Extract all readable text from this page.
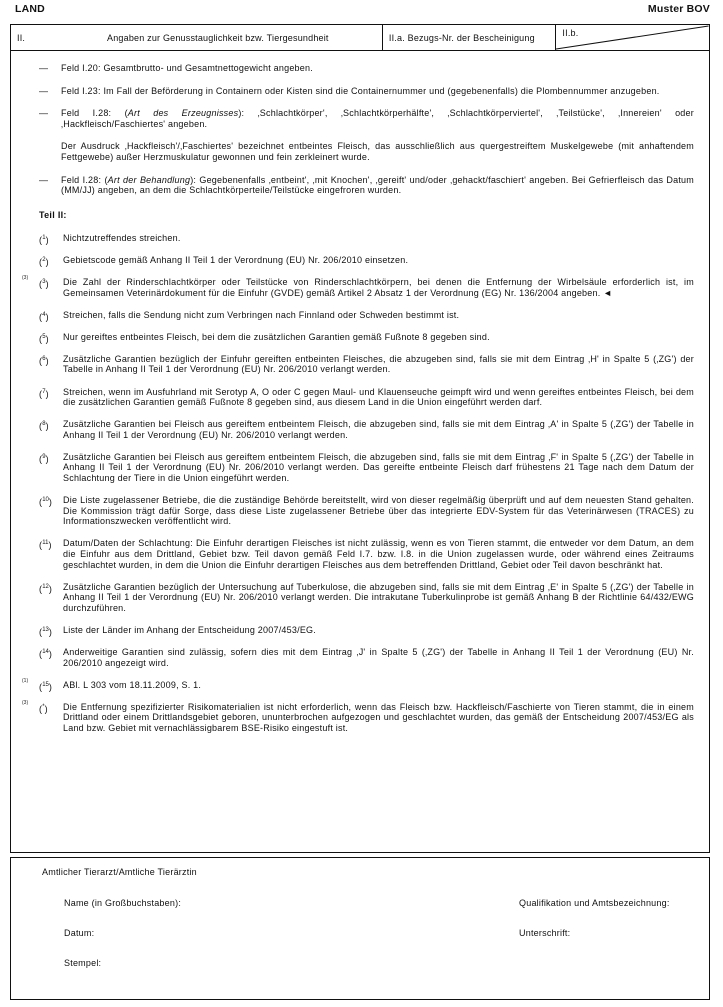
LAND	Muster BOV
II.	Angaben zur Genusstauglichkeit bzw. Tiergesundheit	II.a. Bezugs-Nr. der Bescheinigung	II.b.
— Feld I.20: Gesamtbrutto- und Gesamtnettogewicht angeben.
— Feld I.23: Im Fall der Beförderung in Containern oder Kisten sind die Containernummer und (gegebenenfalls) die Plombennummer anzugeben.
— Feld I.28: (Art des Erzeugnisses): ‚Schlachtkörper', ‚Schlachtkörperhälfte', ‚Schlachtkörperviertel', ‚Teilstücke', ‚Innereien' oder ‚Hackfleisch/Faschiertes' angeben.
Der Ausdruck ‚Hackfleisch'/‚Faschiertes' bezeichnet entbeintes Fleisch, das ausschließlich aus quergestreiftem Muskelgewebe (mit anhaftendem Fettgewebe) außer Herzmuskulatur gewonnen und fein zerkleinert wurde.
— Feld I.28: (Art der Behandlung): Gegebenenfalls ‚entbeint', ‚mit Knochen', ‚gereift' und/oder ‚gehackt/faschiert' angeben. Bei Gefrierfleisch das Datum (MM/JJ) angeben, an dem die Schlachtkörperteile/Teilstücke eingefroren wurden.
Teil II:
($^1$) Nichtzutreffendes streichen.
($^2$) Gebietscode gemäß Anhang II Teil 1 der Verordnung (EU) Nr. 206/2010 einsetzen.
(3)
($^3$) Die Zahl der Rinderschlachtkörper oder Teilstücke von Rinderschlachtkörpern, bei denen die Entfernung der Wirbelsäule erforderlich ist, im Gemeinsamen Veterinärdokument für die Einfuhr (GVDE) gemäß Artikel 2 Absatz 1 der Verordnung (EG) Nr. 136/2004 angeben. ◄
($^4$) Streichen, falls die Sendung nicht zum Verbringen nach Finnland oder Schweden bestimmt ist.
($^5$) Nur gereiftes entbeintes Fleisch, bei dem die zusätzlichen Garantien gemäß Fußnote 8 gegeben sind.
($^6$) Zusätzliche Garantien bezüglich der Einfuhr gereiften entbeinten Fleisches, die abzugeben sind, falls sie mit dem Eintrag ‚H' in Spalte 5 (‚ZG') der Tabelle in Anhang II Teil 1 der Verordnung (EU) Nr. 206/2010 verlangt werden.
($^7$) Streichen, wenn im Ausfuhrland mit Serotyp A, O oder C gegen Maul- und Klauenseuche geimpft wird und wenn gereiftes entbeintes Fleisch, bei dem die zusätzlichen Garantien gemäß Fußnote 8 gegeben sind, aus diesem Land in die Union eingeführt werden darf.
($^8$) Zusätzliche Garantien bei Fleisch aus gereiftem entbeintem Fleisch, die abzugeben sind, falls sie mit dem Eintrag ‚A' in Spalte 5 (‚ZG') der Tabelle in Anhang II Teil 1 der Verordnung (EU) Nr. 206/2010 verlangt werden.
($^9$) Zusätzliche Garantien bei Fleisch aus gereiftem entbeintem Fleisch, die abzugeben sind, falls sie mit dem Eintrag ‚F' in Spalte 5 (‚ZG') der Tabelle in Anhang II Teil 1 der Verordnung (EU) Nr. 206/2010 verlangt werden. Das gereifte entbeinte Fleisch darf frühestens 21 Tage nach dem Datum der Schlachtung der Tiere in die Union eingeführt werden.
($^{10}$) Die Liste zugelassener Betriebe, die die zuständige Behörde bereitstellt, wird von dieser regelmäßig überprüft und auf dem neuesten Stand gehalten. Die Kommission trägt dafür Sorge, dass diese Liste zugelassener Betriebe über das integrierte EDV-System für das Veterinärwesen (TRACES) zu Informationszwecken veröffentlicht wird.
($^{11}$) Datum/Daten der Schlachtung: Die Einfuhr derartigen Fleisches ist nicht zulässig, wenn es von Tieren stammt, die entweder vor dem Datum, an dem die Einfuhr aus dem Drittland, Gebiet bzw. Teil davon gemäß Feld I.7. bzw. I.8. in die Union zugelassen wurde, oder während eines Zeitraums geschlachtet wurden, in dem die Union die Einfuhr derartigen Fleisches aus dem betreffenden Drittland, Gebiet oder Teil davon beschränkt hat.
($^{12}$) Zusätzliche Garantien bezüglich der Untersuchung auf Tuberkulose, die abzugeben sind, falls sie mit dem Eintrag ‚E' in Spalte 5 (‚ZG') der Tabelle in Anhang II Teil 1 der Verordnung (EU) Nr. 206/2010 verlangt werden. Die intrakutane Tuberkulinprobe ist gemäß Anhang B der Richtlinie 64/432/EWG durchzuführen.
($^{13}$) Liste der Länder im Anhang der Entscheidung 2007/453/EG.
($^{14}$) Anderweitige Garantien sind zulässig, sofern dies mit dem Eintrag ‚J' in Spalte 5 (‚ZG') der Tabelle in Anhang II Teil 1 der Verordnung (EU) Nr. 206/2010 angezeigt wird.
(1)
($^{15}$) ABl. L 303 vom 18.11.2009, S. 1.
(3)
(*) Die Entfernung spezifizierter Risikomaterialien ist nicht erforderlich, wenn das Fleisch bzw. Hackfleisch/Faschierte von Tieren stammt, die in einem Drittland oder einem Drittlandsgebiet geboren, ununterbrochen aufgezogen und geschlachtet wurden, das gemäß der Entscheidung 2007/453/EG als Land bzw. Gebiet mit vernachlässigbarem BSE-Risiko eingestuft ist.
Amtlicher Tierarzt/Amtliche Tierärztin
Name (in Großbuchstaben):
Datum:
Stempel:
Qualifikation und Amtsbezeichnung:
Unterschrift:
